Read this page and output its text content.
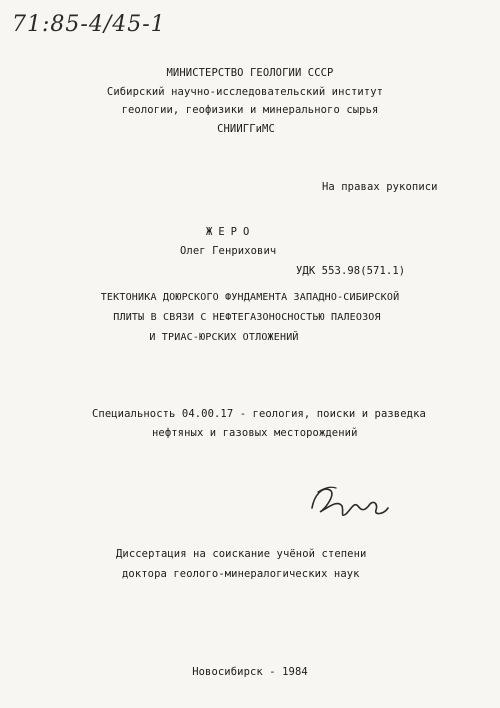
71:85-4/45-1
МИНИСТЕРСТВО ГЕОЛОГИИ СССР
Сибирский научно-исследовательский институт
геологии, геофизики и минерального сырья
СНИИГГиМС
На правах рукописи
ЖЕРО
Олег Генрихович
УДК 553.98(571.1)
ТЕКТОНИКА ДОЮРСКОГО ФУНДАМЕНТА ЗАПАДНО-СИБИРСКОЙ
ПЛИТЫ В СВЯЗИ С НЕФТЕГАЗОНОСНОСТЬЮ ПАЛЕОЗОЯ
И ТРИАС-ЮРСКИХ ОТЛОЖЕНИЙ
Специальность 04.00.17 - геология, поиски и разведка
нефтяных и газовых месторождений
Диссертация на соискание учёной степени
доктора геолого-минералогических наук
Новосибирск - 1984
